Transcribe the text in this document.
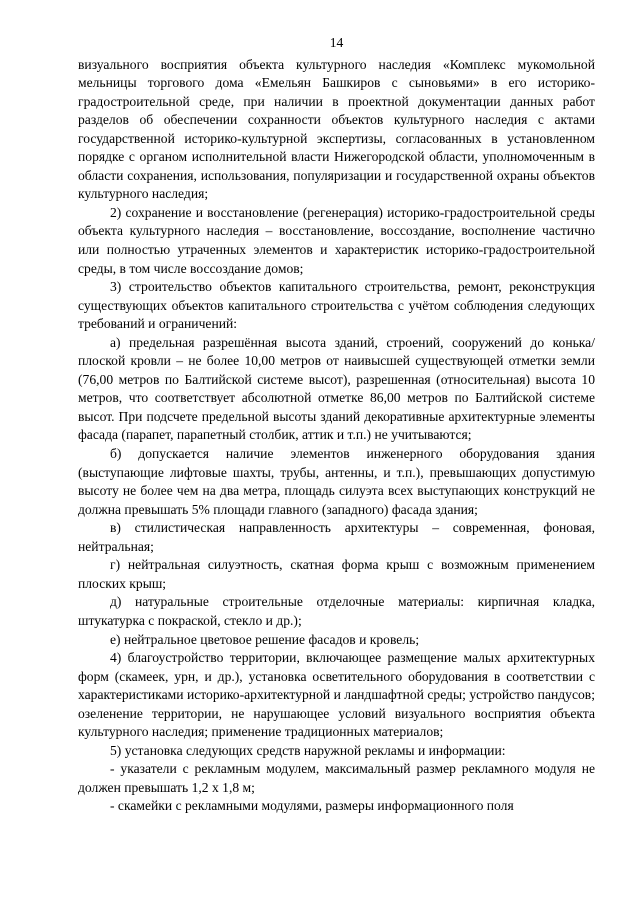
14

визуального восприятия объекта культурного наследия «Комплекс мукомольной мельницы торгового дома «Емельян Башкиров с сыновьями» в его историко-градостроительной среде, при наличии в проектной документации данных работ разделов об обеспечении сохранности объектов культурного наследия с актами государственной историко-культурной экспертизы, согласованных в установленном порядке с органом исполнительной власти Нижегородской области, уполномоченным в области сохранения, использования, популяризации и государственной охраны объектов культурного наследия;

2) сохранение и восстановление (регенерация) историко-градостроительной среды объекта культурного наследия – восстановление, воссоздание, восполнение частично или полностью утраченных элементов и характеристик историко-градостроительной среды, в том числе воссоздание домов;

3) строительство объектов капитального строительства, ремонт, реконструкция существующих объектов капитального строительства с учётом соблюдения следующих требований и ограничений:

а) предельная разрешённая высота зданий, строений, сооружений до конька/плоской кровли – не более 10,00 метров от наивысшей существующей отметки земли (76,00 метров по Балтийской системе высот), разрешенная (относительная) высота 10 метров, что соответствует абсолютной отметке 86,00 метров по Балтийской системе высот. При подсчете предельной высоты зданий декоративные архитектурные элементы фасада (парапет, парапетный столбик, аттик и т.п.) не учитываются;

б) допускается наличие элементов инженерного оборудования здания (выступающие лифтовые шахты, трубы, антенны, и т.п.), превышающих допустимую высоту не более чем на два метра, площадь силуэта всех выступающих конструкций не должна превышать 5% площади главного (западного) фасада здания;

в) стилистическая направленность архитектуры – современная, фоновая, нейтральная;

г) нейтральная силуэтность, скатная форма крыш с возможным применением плоских крыш;

д) натуральные строительные отделочные материалы: кирпичная кладка, штукатурка с покраской, стекло и др.);

е) нейтральное цветовое решение фасадов и кровель;

4) благоустройство территории, включающее размещение малых архитектурных форм (скамеек, урн, и др.), установка осветительного оборудования в соответствии с характеристиками историко-архитектурной и ландшафтной среды; устройство пандусов; озеленение территории, не нарушающее условий визуального восприятия объекта культурного наследия; применение традиционных материалов;

5) установка следующих средств наружной рекламы и информации:

- указатели с рекламным модулем, максимальный размер рекламного модуля не должен превышать 1,2 х 1,8 м;

- скамейки с рекламными модулями, размеры информационного поля
